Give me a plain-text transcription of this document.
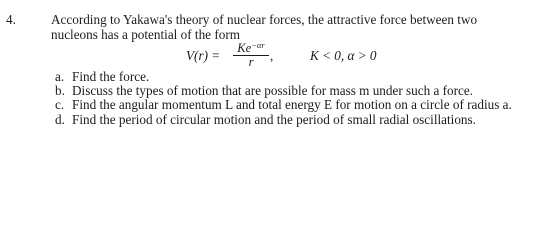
4.	According to Yakawa's theory of nuclear forces, the attractive force between two
nucleons has a potential of the form

$V(r) = \frac{Ke^{-\alpha r}}{r}$ ,	K < 0, α > 0
a. Find the force.
b. Discuss the types of motion that are possible for mass m under such a force.
c. Find the angular momentum L and total energy E for motion on a circle of radius a.
d. Find the period of circular motion and the period of small radial oscillations.
